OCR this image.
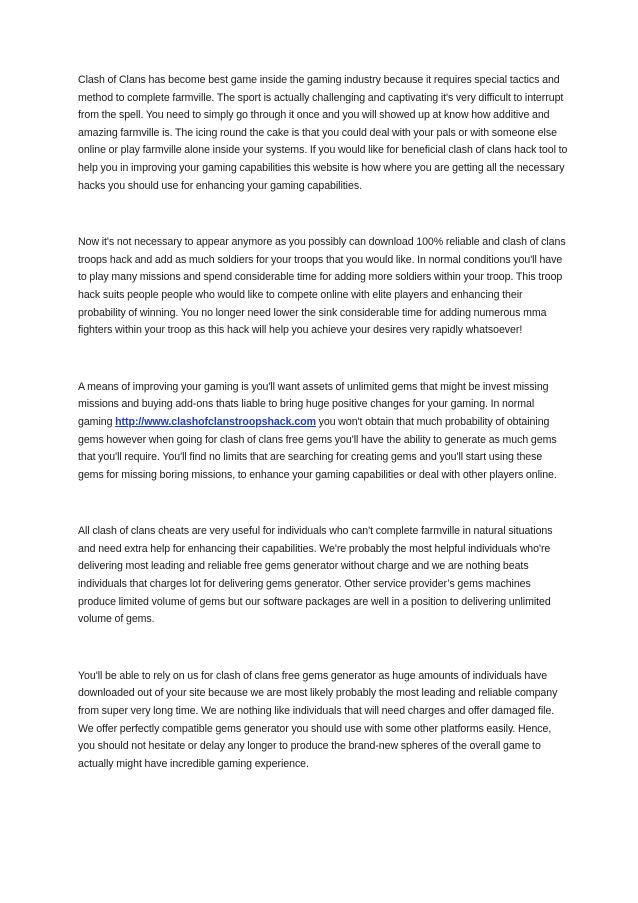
Clash of Clans has become best game inside the gaming industry because it requires special tactics and method to complete farmville. The sport is actually challenging and captivating it's very difficult to interrupt from the spell. You need to simply go through it once and you will showed up at know how additive and amazing farmville is. The icing round the cake is that you could deal with your pals or with someone else online or play farmville alone inside your systems. If you would like for beneficial clash of clans hack tool to help you in improving your gaming capabilities this website is how where you are getting all the necessary hacks you should use for enhancing your gaming capabilities.

Now it's not necessary to appear anymore as you possibly can download 100% reliable and clash of clans troops hack and add as much soldiers for your troops that you would like. In normal conditions you'll have to play many missions and spend considerable time for adding more soldiers within your troop. This troop hack suits people people who would like to compete online with elite players and enhancing their probability of winning. You no longer need lower the sink considerable time for adding numerous mma fighters within your troop as this hack will help you achieve your desires very rapidly whatsoever!

A means of improving your gaming is you'll want assets of unlimited gems that might be invest missing missions and buying add-ons thats liable to bring huge positive changes for your gaming. In normal gaming http://www.clashofclanstroopshack.com you won't obtain that much probability of obtaining gems however when going for clash of clans free gems you'll have the ability to generate as much gems that you'll require. You'll find no limits that are searching for creating gems and you'll start using these gems for missing boring missions, to enhance your gaming capabilities or deal with other players online.

All clash of clans cheats are very useful for individuals who can't complete farmville in natural situations and need extra help for enhancing their capabilities. We're probably the most helpful individuals who're delivering most leading and reliable free gems generator without charge and we are nothing beats individuals that charges lot for delivering gems generator. Other service provider’s gems machines produce limited volume of gems but our software packages are well in a position to delivering unlimited volume of gems.

You'll be able to rely on us for clash of clans free gems generator as huge amounts of individuals have downloaded out of your site because we are most likely probably the most leading and reliable company from super very long time. We are nothing like individuals that will need charges and offer damaged file. We offer perfectly compatible gems generator you should use with some other platforms easily. Hence, you should not hesitate or delay any longer to produce the brand-new spheres of the overall game to actually might have incredible gaming experience.
